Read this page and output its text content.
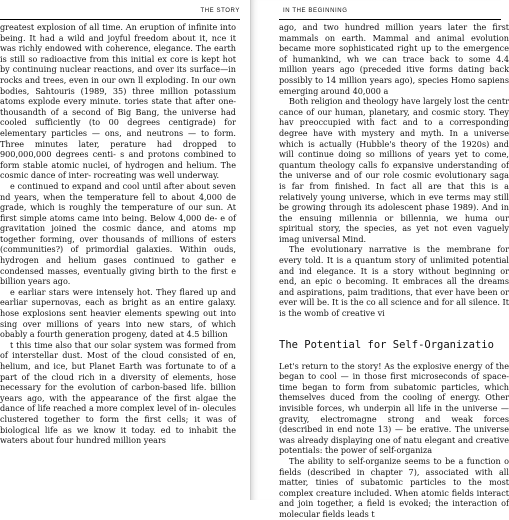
THE STORY

greatest explosion of all time. An eruption of infinite into being. It had a wild and joyful freedom about it, nce it was richly endowed with coherence, elegance. The earth is still so radioactive from this initial ex core is kept hot by continuing nuclear reactions, and over its surface—in rocks and trees, even in our own ll exploding. In our own bodies, Sahtouris (1989, 35) three million potassium atoms explode every minute. tories state that after one-thousandth of a second of Big Bang, the universe had cooled sufficiently (to 00 degrees centigrade) for elementary particles — ons, and neutrons — to form. Three minutes later, perature had dropped to 900,000,000 degrees centi- s and protons combined to form stable atomic nuclei, of hydrogen and helium. The cosmic dance of inter- rocreating was well underway.

e continued to expand and cool until after about seven nd years, when the temperature fell to about 4,000 de grade, which is roughly the temperature of our sun. At first simple atoms came into being. Below 4,000 de- e of gravitation joined the cosmic dance, and atoms mp together forming, over thousands of millions of esters (communities?) of primordial galaxies. Within ouds, hydrogen and helium gases continued to gather e condensed masses, eventually giving birth to the first e billion years ago.

e earliar stars were intensely hot. They flared up and earliar supernovas, each as bright as an entire galaxy. hose explosions sent heavier elements spewing out into sing over millions of years into new stars, of which obably a fourth generation progeny, dated at 4.5 billion

t this time also that our solar system was formed from of interstellar dust. Most of the cloud consisted of en, helium, and ice, but Planet Earth was fortunate to of a part of the cloud rich in a diversity of elements, hose necessary for the evolution of carbon-based life. billion years ago, with the appearance of the first algae the dance of life reached a more complex level of in- olecules clustered together to form the first cells; it was of biological life as we know it today. ed to inhabit the waters about four hundred million years

IN THE BEGINNING

ago, and two hundred million years later the first mammals on earth. Mammal and animal evolution became more sophisticated right up to the emergence of humankind, wh we can trace back to some 4.4 million years ago (preceded itive forms dating back possibly to 14 million years ago), species Homo sapiens emerging around 40,000 a

Both religion and theology have largely lost the centr cance of our human, planetary, and cosmic story. They hav preoccupied with fact and to a corresponding degree have with mystery and myth. In a universe which is actually (Hubble's theory of the 1920s) and will continue doing so millions of years yet to come, quantum theology calls fo expansive understanding of the universe and of our role cosmic evolutionary saga is far from finished. In fact all are that this is a relatively young universe, which in eve terms may still be growing through its adolescent phase 1989). And in the ensuing millennia or billennia, we huma our spiritual story, the species, as yet not even vaguely imag universal Mind.

The evolutionary narrative is the membrane for every told. It is a quantum story of unlimited potential and ind elegance. It is a story without beginning or end, an epic o becoming. It embraces all the dreams and aspirations, paim traditions, that ever have been or ever will be. It is the co all science and for all silence. It is the womb of creative vi

The Potential for Self-Organizatio

Let's return to the story! As the explosive energy of the began to cool — in those first microseconds of space-time began to form from subatomic particles, which themselves duced from the cooling of energy. Other invisible forces, wh underpin all life in the universe — gravity, electromagne strong and weak forces (described in end note 13) — be erative. The universe was already displaying one of natu elegant and creative potentials: the power of self-organiza

The ability to self-organize seems to be a function o fields (described in chapter 7), associated with all matter, tinies of subatomic particles to the most complex creature included. When atomic fields interact and join together, a field is evoked; the interaction of molecular fields leads t
